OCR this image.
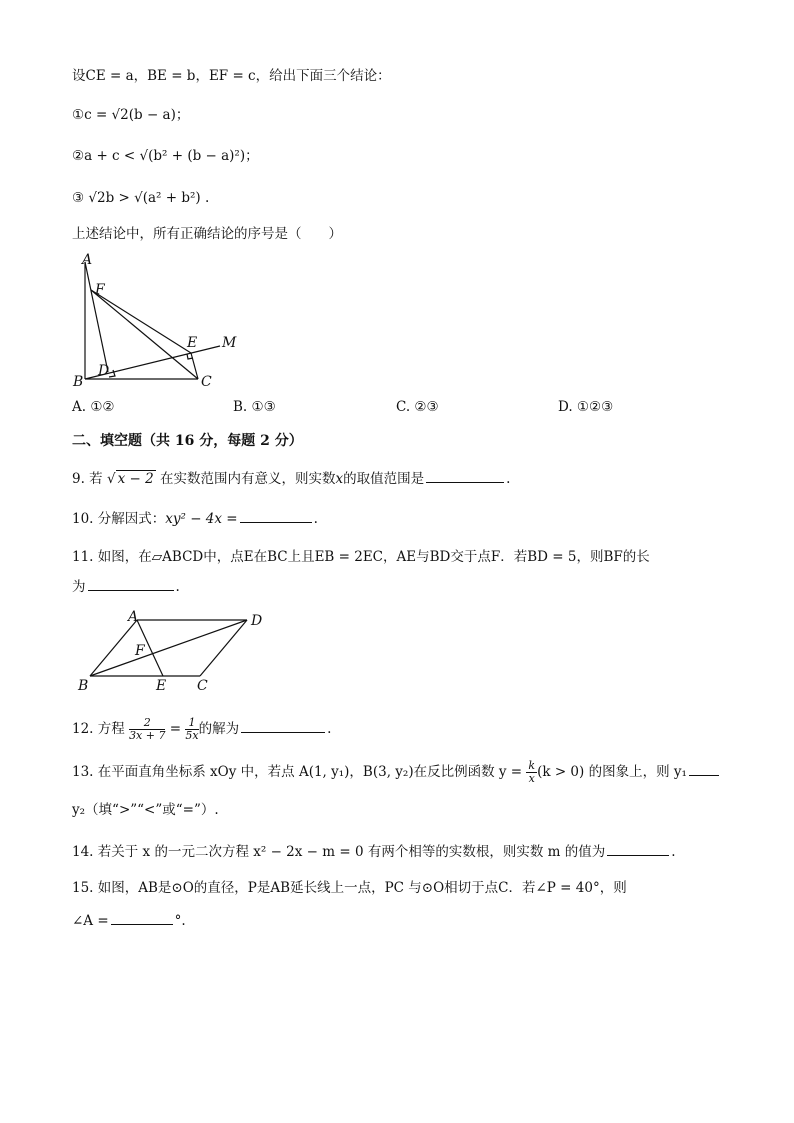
设CE = a，BE = b，EF = c，给出下面三个结论：
①c = √2(b − a)；
②a + c < √(b² + (b − a)²)；
③ √2b > √(a² + b²) .
上述结论中，所有正确结论的序号是（　　）
A
F
E M
D
B	C
A. ①②	B. ①③	C. ②③	D. ①②③
二、填空题（共 16 分，每题 2 分）
9. 若 √ x − 2 在实数范围内有意义，则实数x的取值范围是	.
10. 分解因式：xy² − 4x =	.
11. 如图，在▱ABCD中，点E在BC上且EB = 2EC，AE与BD交于点F．若BD = 5，则BF的长
为	.
A	D
F
B	E C
12. 方程 $\frac{2}{3x + 7} = \frac{1}{5x}$ 的解为	.
13. 在平面直角坐标系 xOy 中，若点 A(1, y₁)，B(3, y₂)在反比例函数 $y = \frac{k}{x} (k > 0)$ 的图象上，则 y₁
y₂（填“>”“<”或“=”）.
14. 若关于 x 的一元二次方程 x² − 2x − m = 0 有两个相等的实数根，则实数 m 的值为	.
15. 如图，AB是⊙O的直径，P是AB延长线上一点，PC 与⊙O相切于点C．若∠P = 40°，则
∠A =	°.
